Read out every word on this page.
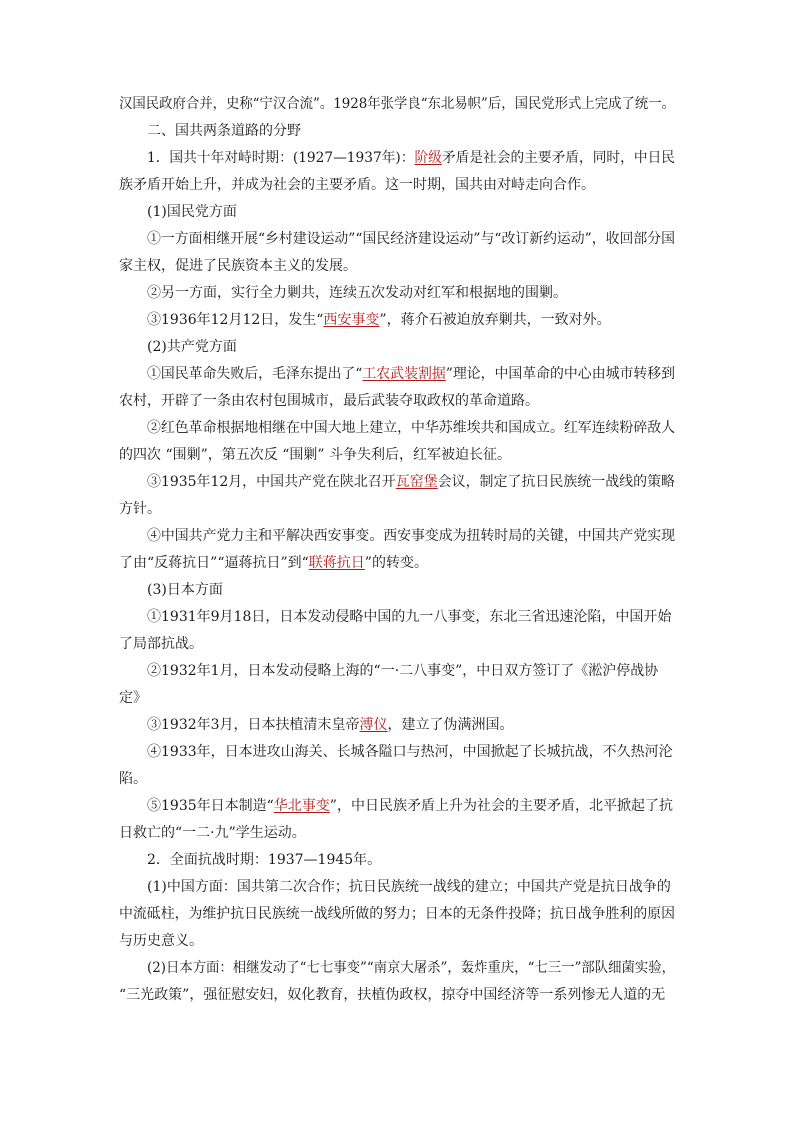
汉国民政府合并，史称“宁汉合流”。1928年张学良“东北易帜”后，国民党形式上完成了统一。
二、国共两条道路的分野
1．国共十年对峙时期：(1927—1937年)：阶级矛盾是社会的主要矛盾，同时，中日民
族矛盾开始上升，并成为社会的主要矛盾。这一时期，国共由对峙走向合作。
(1)国民党方面
①一方面相继开展“乡村建设运动”“国民经济建设运动”与“改订新约运动”，收回部分国
家主权，促进了民族资本主义的发展。
②另一方面，实行全力剿共，连续五次发动对红军和根据地的围剿。
③1936年12月12日，发生“西安事变”，蒋介石被迫放弃剿共，一致对外。
(2)共产党方面
①国民革命失败后，毛泽东提出了“工农武装割据”理论，中国革命的中心由城市转移到
农村，开辟了一条由农村包围城市，最后武装夺取政权的革命道路。
②红色革命根据地相继在中国大地上建立，中华苏维埃共和国成立。红军连续粉碎敌人
的四次 “围剿”，第五次反 “围剿” 斗争失利后，红军被迫长征。
③1935年12月，中国共产党在陕北召开瓦窑堡会议，制定了抗日民族统一战线的策略
方针。
④中国共产党力主和平解决西安事变。西安事变成为扭转时局的关键，中国共产党实现
了由“反蒋抗日”“逼蒋抗日”到“联蒋抗日”的转变。
(3)日本方面
①1931年9月18日，日本发动侵略中国的九一八事变，东北三省迅速沦陷，中国开始
了局部抗战。
②1932年1月，日本发动侵略上海的“一·二八事变”，中日双方签订了《淞沪停战协
定》
③1932年3月，日本扶植清末皇帝溥仪，建立了伪满洲国。
④1933年，日本进攻山海关、长城各隘口与热河，中国掀起了长城抗战，不久热河沦
陷。
⑤1935年日本制造“华北事变”，中日民族矛盾上升为社会的主要矛盾，北平掀起了抗
日救亡的“一二·九”学生运动。
2．全面抗战时期：1937—1945年。
(1)中国方面：国共第二次合作；抗日民族统一战线的建立；中国共产党是抗日战争的
中流砥柱，为维护抗日民族统一战线所做的努力；日本的无条件投降；抗日战争胜利的原因
与历史意义。
(2)日本方面：相继发动了“七七事变”“南京大屠杀”，轰炸重庆，“七三一”部队细菌实验，
“三光政策”，强征慰安妇，奴化教育，扶植伪政权，掠夺中国经济等一系列惨无人道的无
